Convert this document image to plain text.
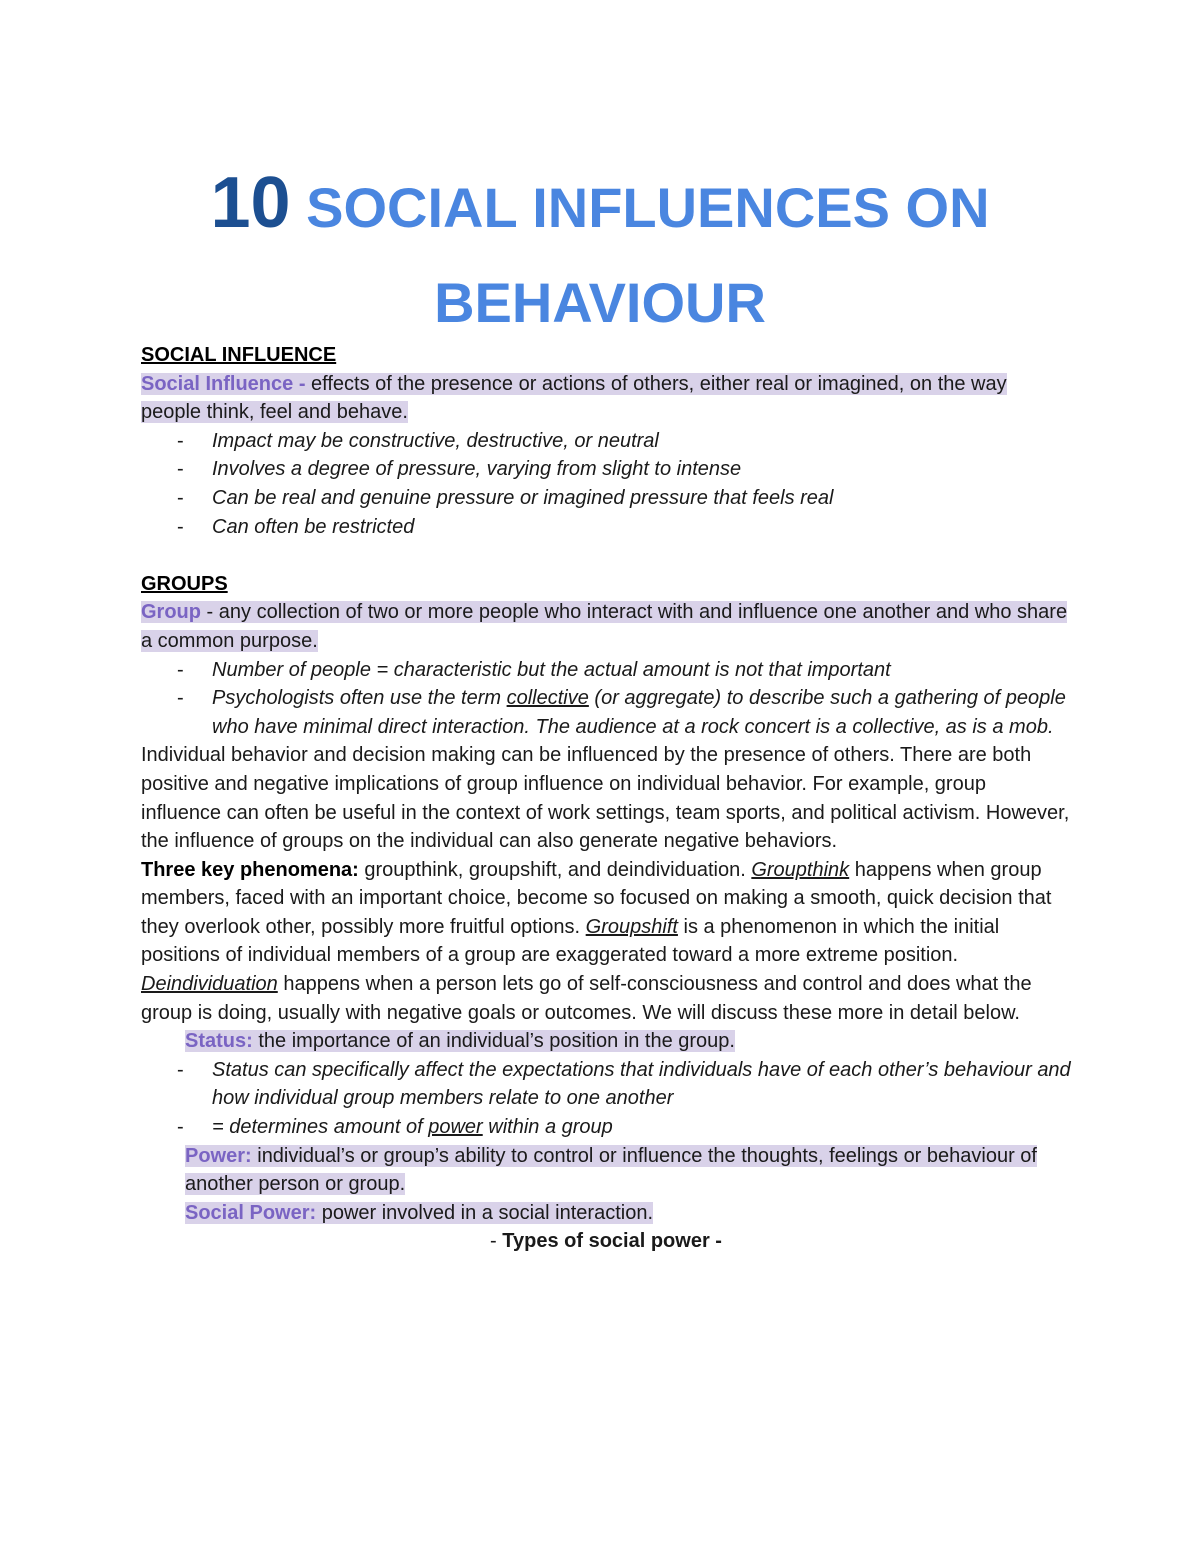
10 SOCIAL INFLUENCES ON
BEHAVIOUR

SOCIAL INFLUENCE

Social Influence - effects of the presence or actions of others, either real or imagined, on the way people think, feel and behave.

- Impact may be constructive, destructive, or neutral
- Involves a degree of pressure, varying from slight to intense
- Can be real and genuine pressure or imagined pressure that feels real
- Can often be restricted

GROUPS

Group - any collection of two or more people who interact with and influence one another and who share a common purpose.

- Number of people = characteristic but the actual amount is not that important
- Psychologists often use the term collective (or aggregate) to describe such a gathering of people who have minimal direct interaction. The audience at a rock concert is a collective, as is a mob.

Individual behavior and decision making can be influenced by the presence of others. There are both positive and negative implications of group influence on individual behavior. For example, group influence can often be useful in the context of work settings, team sports, and political activism. However, the influence of groups on the individual can also generate negative behaviors.

Three key phenomena: groupthink, groupshift, and deindividuation. Groupthink happens when group members, faced with an important choice, become so focused on making a smooth, quick decision that they overlook other, possibly more fruitful options. Groupshift is a phenomenon in which the initial positions of individual members of a group are exaggerated toward a more extreme position. Deindividuation happens when a person lets go of self-consciousness and control and does what the group is doing, usually with negative goals or outcomes. We will discuss these more in detail below.

Status: the importance of an individual’s position in the group.

- Status can specifically affect the expectations that individuals have of each other’s behaviour and how individual group members relate to one another
- = determines amount of power within a group

Power: individual’s or group’s ability to control or influence the thoughts, feelings or behaviour of another person or group.

Social Power: power involved in a social interaction.

- Types of social power -
